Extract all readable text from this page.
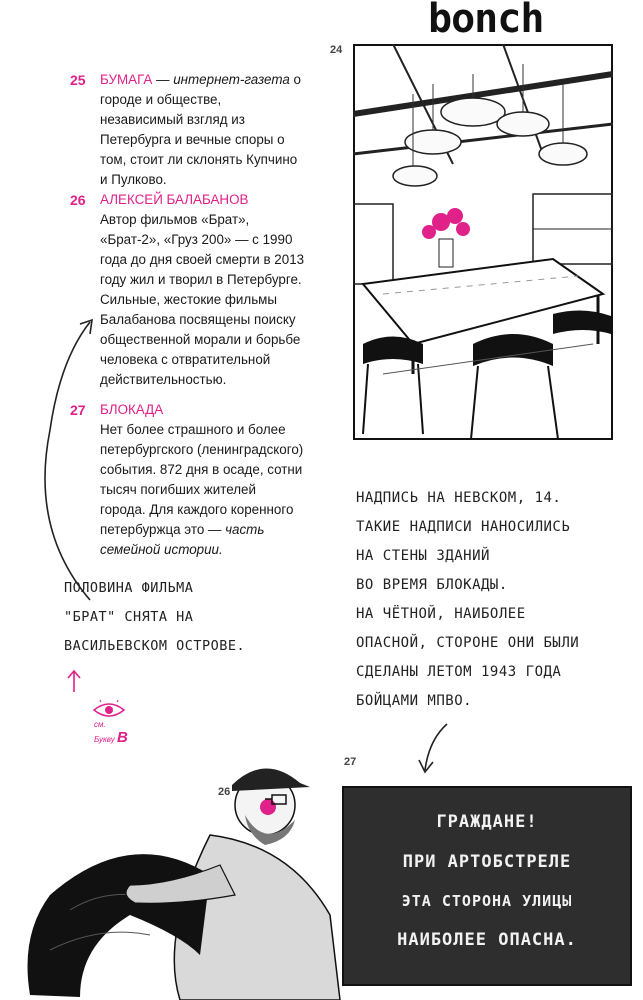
bonch
25	БУМАГА — интернет-газета о городе и обществе, независимый взгляд из Петербурга и вечные споры о том, стоит ли склонять Купчино и Пулково.

26	АЛЕКСЕЙ БАЛАБАНОВ
Автор фильмов «Брат», «Брат-2», «Груз 200» — с 1990 года до дня своей смерти в 2013 году жил и творил в Петербурге. Сильные, жестокие фильмы Балабанова посвящены поиску общественной морали и борьбе человека с отвратительной действительностью.

27	БЛОКАДА
Нет более страшного и более петербургского (ленинградского) события. 872 дня в осаде, сотни тысяч погибших жителей города. Для каждого коренного петербуржца это — часть семейной истории.

24
НАДПИСЬ НА НЕВСКОМ, 14.
ТАКИЕ НАДПИСИ НАНОСИЛИСЬ
НА СТЕНЫ ЗДАНИЙ
ВО ВРЕМЯ БЛОКАДЫ.
НА ЧЁТНОЙ, НАИБОЛЕЕ
ОПАСНОЙ, СТОРОНЕ ОНИ БЫЛИ
СДЕЛАНЫ ЛЕТОМ 1943 ГОДА
БОЙЦАМИ МПВО.
ПОЛОВИНА ФИЛЬМА
"БРАТ" СНЯТА НА
ВАСИЛЬЕВСКОМ ОСТРОВЕ.
см.
Букву В
26
27
ГРАЖДАНЕ!
ПРИ АРТОБСТРЕЛЕ
ЭТА СТОРОНА УЛИЦЫ
НАИБОЛЕЕ ОПАСНА.
